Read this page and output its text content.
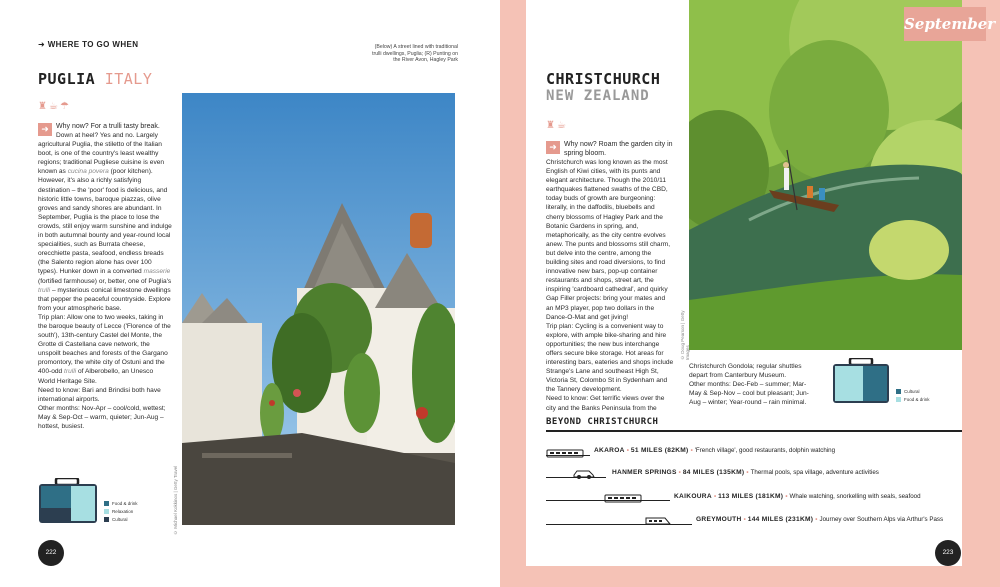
➜ WHERE TO GO WHEN	(Below) A street lined with traditional trulli dwellings, Puglia; (R) Punting on the River Avon, Hagley Park
PUGLIA ITALY
♜☕☂
➜	Why now? For a trulli tasty break.

Down at heel? Yes and no. Largely agricultural Puglia, the stiletto of the Italian boot, is one of the country's least wealthy regions; traditional Pugliese cuisine is even known as cucina povera (poor kitchen). However, it's also a richly satisfying destination – the 'poor' food is delicious, and historic little towns, baroque piazzas, olive groves and sandy shores are abundant. In September, Puglia is the place to lose the crowds, still enjoy warm sunshine and indulge in both autumnal bounty and year-round local specialities, such as Burrata cheese, orecchiette pasta, seafood, endless breads (the Salento region alone has over 100 types). Hunker down in a converted masserie (fortified farmhouse) or, better, one of Puglia's trulli – mysterious conical limestone dwellings that pepper the peaceful countryside. Explore from your atmospheric base.

Trip plan: Allow one to two weeks, taking in the baroque beauty of Lecce ('Florence of the south'), 13th-century Castel del Monte, the Grotte di Castellana cave network, the unspoilt beaches and forests of the Gargano promontory, the white city of Ostuni and the 400-odd trulli of Alberobello, an Unesco World Heritage Site.

Need to know: Bari and Brindisi both have international airports.

Other months: Nov-Apr – cool/cold, wettest; May & Sep-Oct – warm, quieter; Jun-Aug – hottest, busiest.

© Michael Kokkinos | Getty Travel
Food & drink
Relaxation
Cultural
222
CHRISTCHURCH
NEW ZEALAND
♜☕
➜	Why now? Roam the garden city in spring bloom.

Christchurch was long known as the most English of Kiwi cities, with its punts and elegant architecture. Though the 2010/11 earthquakes flattened swaths of the CBD, today buds of growth are burgeoning: literally, in the daffodils, bluebells and cherry blossoms of Hagley Park and the Botanic Gardens in spring, and, metaphorically, as the city centre evolves anew. The punts and blossoms still charm, but delve into the centre, among the building sites and road diversions, to find innovative new bars, pop-up container restaurants and shops, street art, the inspiring 'cardboard cathedral', and quirky Gap Filler projects: bring your mates and an MP3 player, pop two dollars in the Dance-O-Mat and get jiving!

Trip plan: Cycling is a convenient way to explore, with ample bike-sharing and hire opportunities; the new bus interchange offers secure bike storage. Hot areas for interesting bars, eateries and shops include Strange's Lane and southeast High St, Victoria St, Colombo St in Sydenham and the Tannery development.

Need to know: Get terrific views over the city and the Banks Peninsula from the

© Doug Pearson | Getty Images
September

Christchurch Gondola; regular shuttles depart from Canterbury Museum.

Other months: Dec-Feb – summer; Mar-May & Sep-Nov – cool but pleasant; Jun-Aug – winter; Year-round – rain minimal.

Cultural
Food & drink
BEYOND CHRISTCHURCH
AKAROA • 51 MILES (82KM) • 'French village', good restaurants, dolphin watching
HANMER SPRINGS • 84 MILES (135KM) • Thermal pools, spa village, adventure activities
KAIKOURA • 113 MILES (181KM) • Whale watching, snorkelling with seals, seafood
GREYMOUTH • 144 MILES (231KM) • Journey over Southern Alps via Arthur's Pass
223
